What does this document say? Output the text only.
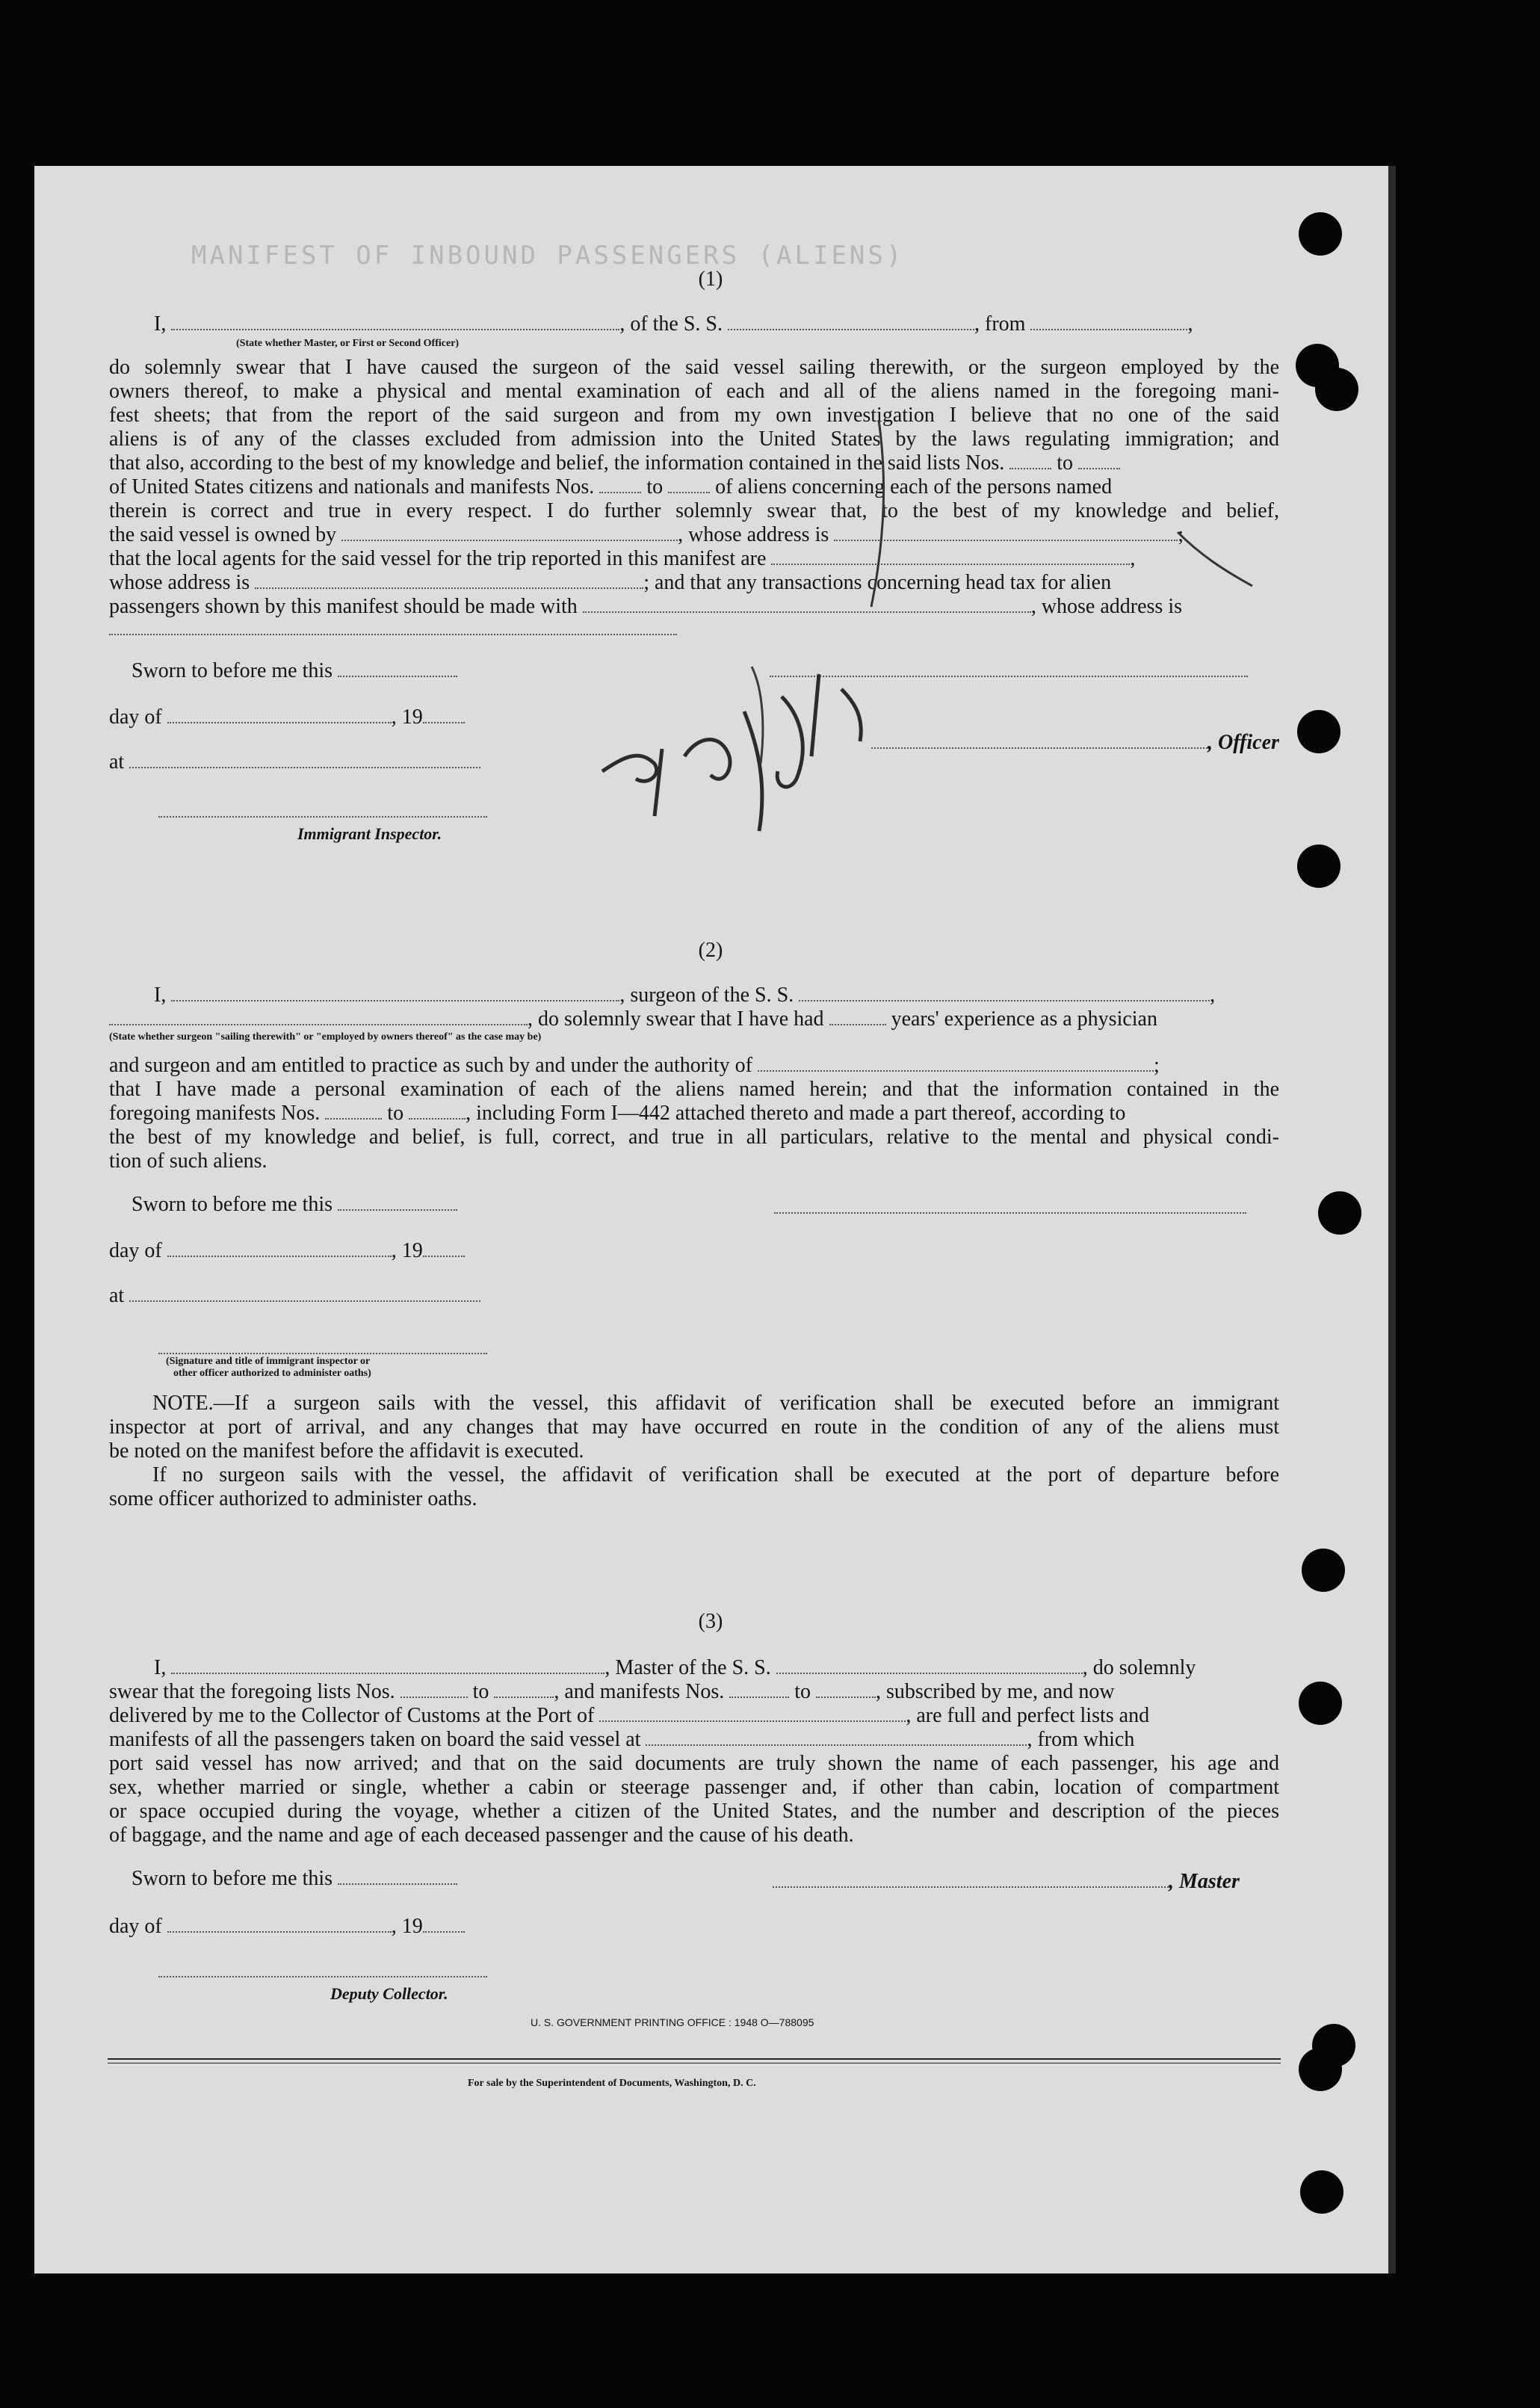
MANIFEST OF INBOUND PASSENGERS (ALIENS)
(1)
I,	, of the S. S.	, from	,
(State whether Master, or First or Second Officer)
do solemnly swear that I have caused the surgeon of the said vessel sailing therewith, or the surgeon employed by the
owners thereof, to make a physical and mental examination of each and all of the aliens named in the foregoing mani-
fest sheets; that from the report of the said surgeon and from my own investigation I believe that no one of the said
aliens is of any of the classes excluded from admission into the United States by the laws regulating immigration; and
that also, according to the best of my knowledge and belief, the information contained in the said lists Nos.	to
of United States citizens and nationals and manifests Nos.	to	of aliens concerning each of the persons named
therein is correct and true in every respect. I do further solemnly swear that, to the best of my knowledge and belief,
the said vessel is owned by	, whose address is	;
that the local agents for the said vessel for the trip reported in this manifest are	,
whose address is	; and that any transactions concerning head tax for alien
passengers shown by this manifest should be made with	, whose address is
Sworn to before me this
day of	, 19
, Officer
at
Immigrant Inspector.
(2)
I,	, surgeon of the S. S.	,
, do solemnly swear that I have had	years' experience as a physician
(State whether surgeon "sailing therewith" or "employed by owners thereof" as the case may be)
and surgeon and am entitled to practice as such by and under the authority of	;
that I have made a personal examination of each of the aliens named herein; and that the information contained in the
foregoing manifests Nos.	to	, including Form I—442 attached thereto and made a part thereof, according to
the best of my knowledge and belief, is full, correct, and true in all particulars, relative to the mental and physical condi-
tion of such aliens.
Sworn to before me this
day of	, 19
at
(Signature and title of immigrant inspector or
other officer authorized to administer oaths)
NOTE.—If a surgeon sails with the vessel, this affidavit of verification shall be executed before an immigrant
inspector at port of arrival, and any changes that may have occurred en route in the condition of any of the aliens must
be noted on the manifest before the affidavit is executed.
If no surgeon sails with the vessel, the affidavit of verification shall be executed at the port of departure before
some officer authorized to administer oaths.
(3)
I,	, Master of the S. S.	, do solemnly
swear that the foregoing lists Nos.	to	, and manifests Nos.	to	, subscribed by me, and now
delivered by me to the Collector of Customs at the Port of	, are full and perfect lists and
manifests of all the passengers taken on board the said vessel at	, from which
port said vessel has now arrived; and that on the said documents are truly shown the name of each passenger, his age and
sex, whether married or single, whether a cabin or steerage passenger and, if other than cabin, location of compartment
or space occupied during the voyage, whether a citizen of the United States, and the number and description of the pieces
of baggage, and the name and age of each deceased passenger and the cause of his death.
Sworn to before me this	, Master
day of	, 19
Deputy Collector.
U. S. GOVERNMENT PRINTING OFFICE : 1948 O—788095
For sale by the Superintendent of Documents, Washington, D. C.
